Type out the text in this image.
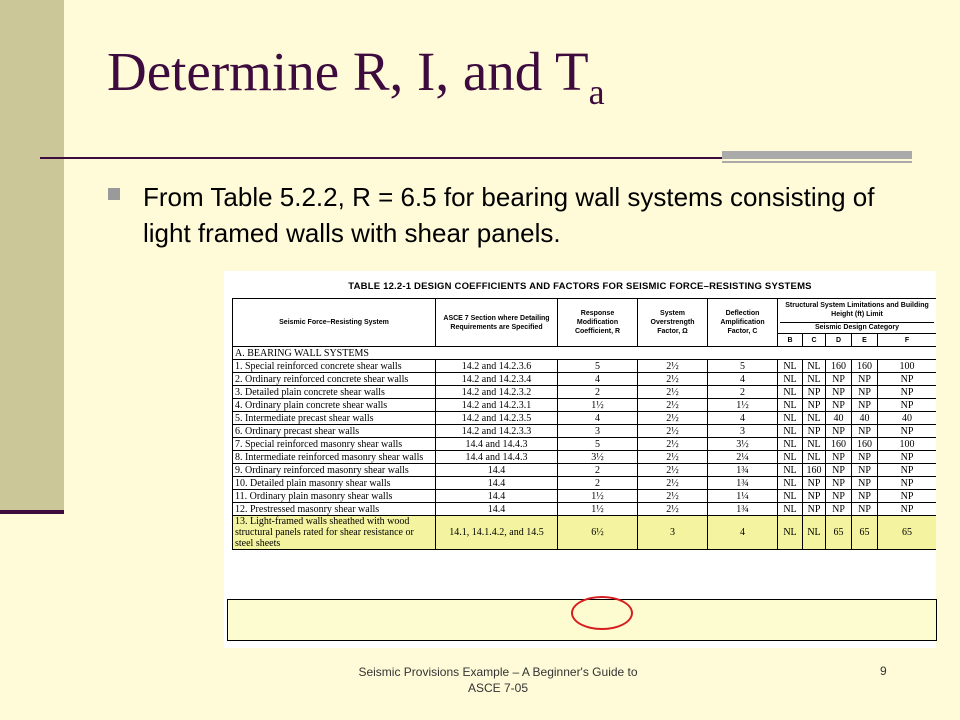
Determine R, I, and $T_a$
From Table 5.2.2, R = 6.5 for bearing wall systems consisting of light framed walls with shear panels.
TABLE 12.2-1 DESIGN COEFFICIENTS AND FACTORS FOR SEISMIC FORCE–RESISTING SYSTEMS
Seismic Force–Resisting System	ASCE 7 Section where Detailing Requirements are Specified	Response Modification Coefficient, R	System Overstrength Factor, Ω	Deflection Amplification Factor, C	Structural System Limitations and Building Height (ft) Limit
Seismic Design Category				

					B	C	D	E	F
A. BEARING WALL SYSTEMS									
1. Special reinforced concrete shear walls	14.2 and 14.2.3.6	5	2½	5	NL	NL	160	160	100
2. Ordinary reinforced concrete shear walls	14.2 and 14.2.3.4	4	2½	4	NL	NL	NP	NP	NP
3. Detailed plain concrete shear walls	14.2 and 14.2.3.2	2	2½	2	NL	NP	NP	NP	NP
4. Ordinary plain concrete shear walls	14.2 and 14.2.3.1	1½	2½	1½	NL	NP	NP	NP	NP
5. Intermediate precast shear walls	14.2 and 14.2.3.5	4	2½	4	NL	NL	40	40	40
6. Ordinary precast shear walls	14.2 and 14.2.3.3	3	2½	3	NL	NP	NP	NP	NP
7. Special reinforced masonry shear walls	14.4 and 14.4.3	5	2½	3½	NL	NL	160	160	100
8. Intermediate reinforced masonry shear walls	14.4 and 14.4.3	3½	2½	2¼	NL	NL	NP	NP	NP
9. Ordinary reinforced masonry shear walls	14.4	2	2½	1¾	NL	160	NP	NP	NP
10. Detailed plain masonry shear walls	14.4	2	2½	1¾	NL	NP	NP	NP	NP
11. Ordinary plain masonry shear walls	14.4	1½	2½	1¼	NL	NP	NP	NP	NP
12. Prestressed masonry shear walls	14.4	1½	2½	1¾	NL	NP	NP	NP	NP
13. Light-framed walls sheathed with wood structural panels rated for shear resistance or steel sheets	14.1, 14.1.4.2, and 14.5	6½	3	4	NL	NL	65	65	65
Seismic Provisions Example – A Beginner's Guide to ASCE 7-05
9
